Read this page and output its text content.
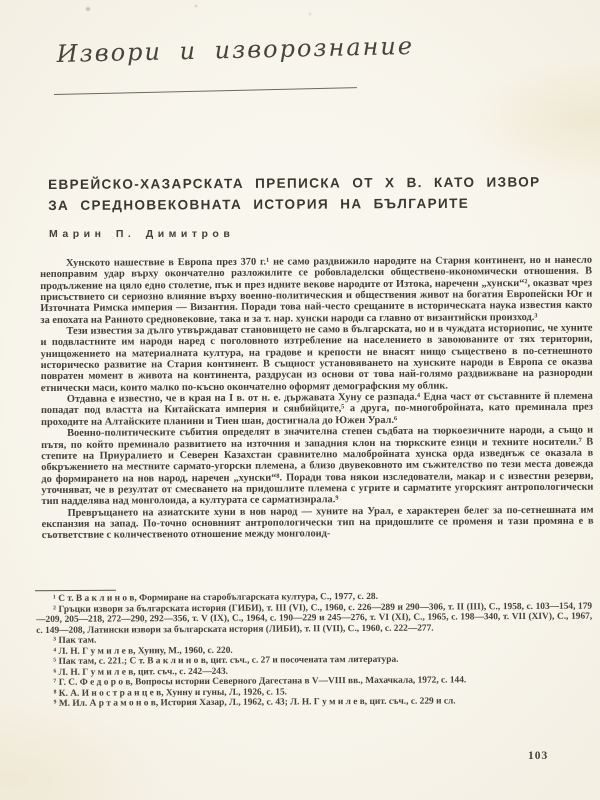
Извори и изворознание
ЕВРЕЙСКО-ХАЗАРСКАТА ПРЕПИСКА ОТ X В. КАТО ИЗВОР
ЗА СРЕДНОВЕКОВНАТА ИСТОРИЯ НА БЪЛГАРИТЕ
Марин П. Димитров

Хунското нашествие в Европа през 370 г.¹ не само раздвижило народите на Стария континент, но и нанесло непоправим удар върху окончателно разложилите се робовладелски обществено-икономически отношения. В продължение на цяло едно столетие, пък и през идните векове народите от Изтока, наречени „хунски“², оказват чрез присъствието си сериозно влияние върху военно-политическия и обществения живот на богатия Европейски Юг и Източната Римска империя — Византия. Поради това най-често срещаните в историческата наука известия както за епохата на Ранното средновековие, така и за т. нар. хунски народи са главно от византийски произход.³

Тези известия за дълго утвърждават становището не само в българската, но и в чуждата историопис, че хуните и подвластните им народи наред с поголовното изтребление на населението в завоюваните от тях територии, унищожението на материалната култура, на градове и крепости не внасят нищо съществено в по-сетнешното историческо развитие на Стария континент. В същност установяването на хунските народи в Европа се оказва повратен момент в живота на континента, раздрусан из основи от това най-голямо раздвижване на разнородни етнически маси, които малко по-късно окончателно оформят демографския му облик.

Отдавна е известно, че в края на I в. от н. е. държавата Хуну се разпада.⁴ Една част от съставните й племена попадат под властта на Китайската империя и сянбийците,⁵ а друга, по-многобройната, като преминала през проходите на Алтайските планини и Тиен шан, достигнала до Южен Урал.⁶

Военно-политическите събития определят в значителна степен съдбата на тюркоезичните народи, а също и пътя, по който преминало развитието на източния и западния клон на тюркските езици и техните носители.⁷ В степите на Приуралието и Северен Казахстан сравнително малобройната хунска орда изведнъж се оказала в обкръжението на местните сармато-угорски племена, а близо двувековното им съжителство по тези места довежда до формирането на нов народ, наречен „хунски“⁸. Поради това някои изследователи, макар и с известни резерви, уточняват, че в резултат от смесването на придошлите племена с угрите и сарматите угорският антропологически тип надделява над монголоида, а културата се сарматизирала.⁹

Превръщането на азиатските хуни в нов народ — хуните на Урал, е характерен белег за по-сетнешната им експанзия на запад. По-точно основният антропологически тип на придошлите се променя и тази промяна е в съответствие с количественото отношение между монголоид-

¹ С т. В а к л и н о в, Формиране на старобългарската култура, С., 1977, с. 28.

² Гръцки извори за българската история (ГИБИ), т. III (VI), С., 1960, с. 226—289 и 290—306, т. II (III), С., 1958, с. 103—154, 179—209, 205—218, 272—290, 292—356, т. V (IX), С., 1964, с. 190—229 и 245—276, т. VI (XI), С., 1965, с. 198—340, т. VII (XIV), С., 1967, с. 149—208, Латински извори за българската история (ЛИБИ), т. II (VII), С., 1960, с. 222—277.

³ Пак там.

⁴ Л. Н. Г у м и л е в, Хунну, М., 1960, с. 220.

⁵ Пак там, с. 221.; С т. В а к л и н о в, цит. съч., с. 27 и посочената там литература.

⁶ Л. Н. Г у м и л е в, цит. съч., с. 242—243.

⁷ Г. С. Ф е д о р о в, Вопросы истории Северного Дагестана в V—VIII вв., Махачкала, 1972, с. 144.

⁸ К. А. И н о с т р а н ц е в, Хунну и гуны, Л., 1926, с. 15.

⁹ М. Ил. А р т а м о н о в, История Хазар, Л., 1962, с. 43; Л. Н. Г у м и л е в, цит. съч., с. 229 и сл.

103
